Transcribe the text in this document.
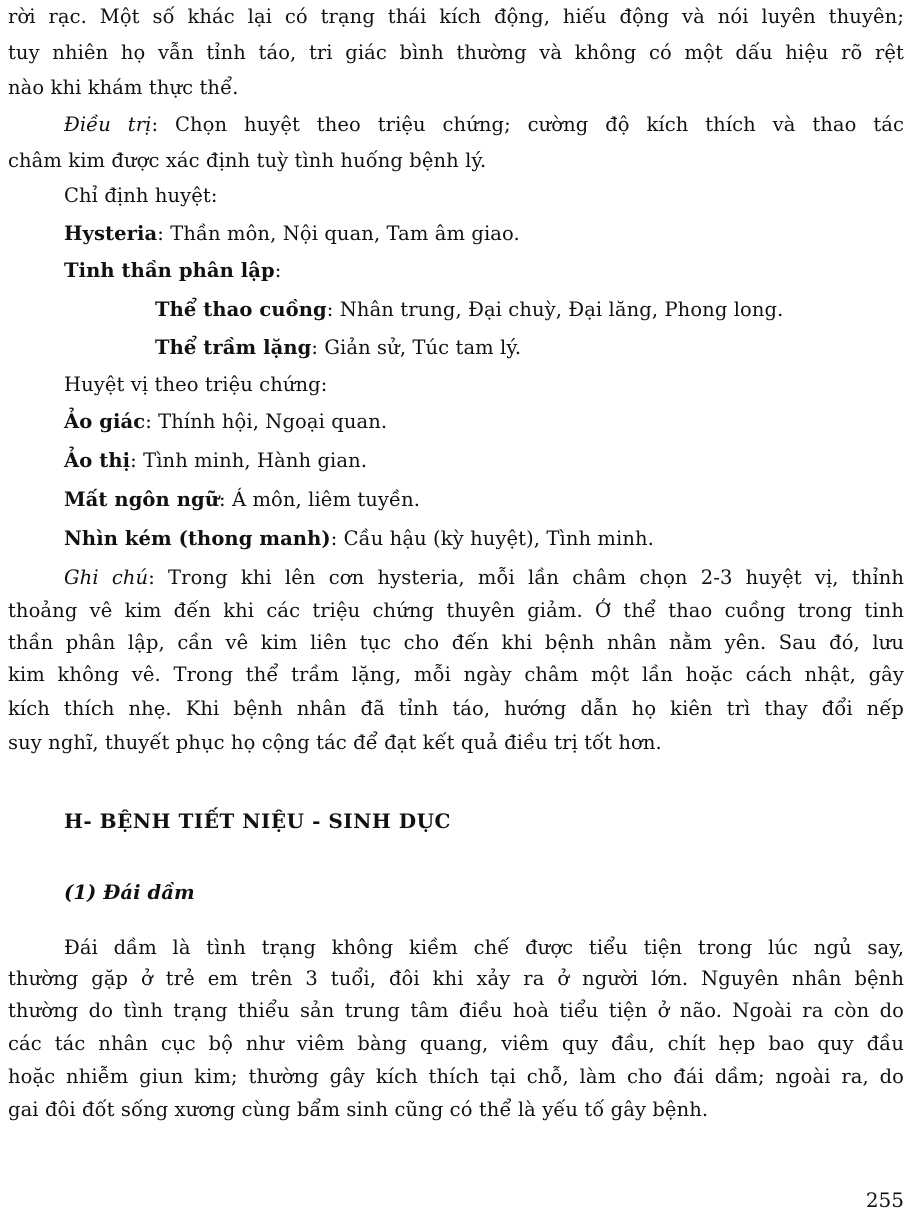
rời rạc. Một số khác lại có trạng thái kích động, hiếu động và nói luyên thuyên;
tuy nhiên họ vẫn tỉnh táo, tri giác bình thường và không có một dấu hiệu rõ rệt
nào khi khám thực thể.
Điều trị: Chọn huyệt theo triệu chứng; cường độ kích thích và thao tác
châm kim được xác định tuỳ tình huống bệnh lý.
Chỉ định huyệt:
Hysteria: Thần môn, Nội quan, Tam âm giao.
Tinh thần phân lập:
Thể thao cuồng: Nhân trung, Đại chuỳ, Đại lăng, Phong long.
Thể trầm lặng: Giản sử, Túc tam lý.
Huyệt vị theo triệu chứng:
Ảo giác: Thính hội, Ngoại quan.
Ảo thị: Tình minh, Hành gian.
Mất ngôn ngữ: Á môn, liêm tuyền.
Nhìn kém (thong manh): Cầu hậu (kỳ huyệt), Tình minh.
Ghi chú: Trong khi lên cơn hysteria, mỗi lần châm chọn 2-3 huyệt vị, thỉnh
thoảng vê kim đến khi các triệu chứng thuyên giảm. Ở thể thao cuồng trong tinh
thần phân lập, cần vê kim liên tục cho đến khi bệnh nhân nằm yên. Sau đó, lưu
kim không vê. Trong thể trầm lặng, mỗi ngày châm một lần hoặc cách nhật, gây
kích thích nhẹ. Khi bệnh nhân đã tỉnh táo, hướng dẫn họ kiên trì thay đổi nếp
suy nghĩ, thuyết phục họ cộng tác để đạt kết quả điều trị tốt hơn.
H- BỆNH TIẾT NIỆU - SINH DỤC
(1) Đái dầm
Đái dầm là tình trạng không kiềm chế được tiểu tiện trong lúc ngủ say,
thường gặp ở trẻ em trên 3 tuổi, đôi khi xảy ra ở người lớn. Nguyên nhân bệnh
thường do tình trạng thiểu sản trung tâm điều hoà tiểu tiện ở não. Ngoài ra còn do
các tác nhân cục bộ như viêm bàng quang, viêm quy đầu, chít hẹp bao quy đầu
hoặc nhiễm giun kim; thường gây kích thích tại chỗ, làm cho đái dầm; ngoài ra, do
gai đôi đốt sống xương cùng bẩm sinh cũng có thể là yếu tố gây bệnh.
255
